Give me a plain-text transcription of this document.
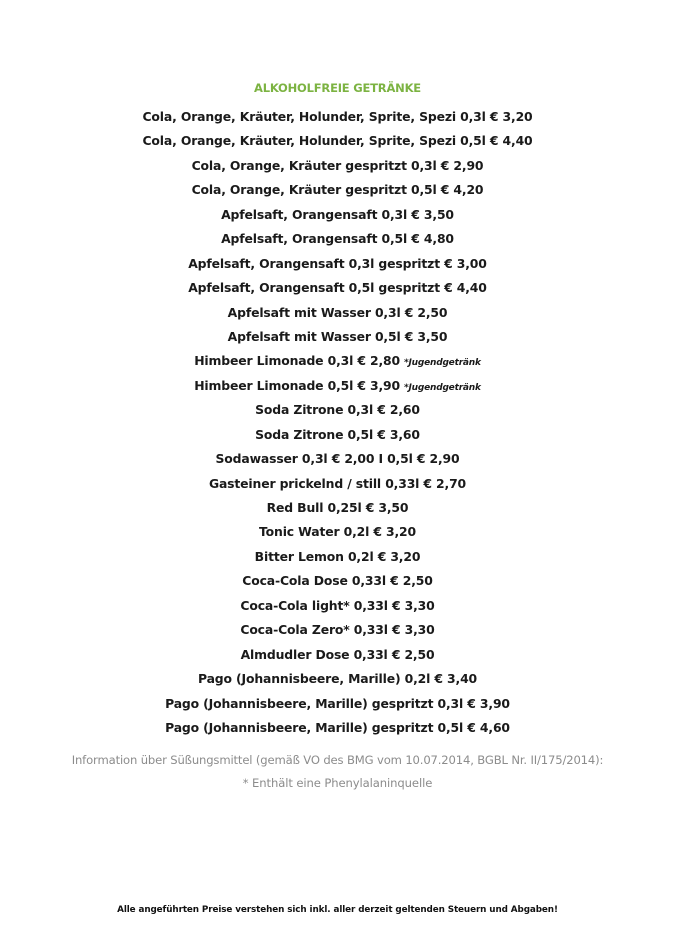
ALKOHOLFREIE GETRÄNKE
Cola, Orange, Kräuter, Holunder, Sprite, Spezi 0,3l € 3,20
Cola, Orange, Kräuter, Holunder, Sprite, Spezi 0,5l € 4,40
Cola, Orange, Kräuter gespritzt 0,3l € 2,90
Cola, Orange, Kräuter gespritzt 0,5l € 4,20
Apfelsaft, Orangensaft 0,3l € 3,50
Apfelsaft, Orangensaft 0,5l € 4,80
Apfelsaft, Orangensaft 0,3l gespritzt € 3,00
Apfelsaft, Orangensaft 0,5l gespritzt € 4,40
Apfelsaft mit Wasser 0,3l € 2,50
Apfelsaft mit Wasser 0,5l € 3,50
Himbeer Limonade 0,3l € 2,80 *Jugendgetränk
Himbeer Limonade 0,5l € 3,90 *Jugendgetränk
Soda Zitrone 0,3l € 2,60
Soda Zitrone 0,5l € 3,60
Sodawasser 0,3l € 2,00 I 0,5l € 2,90
Gasteiner prickelnd / still 0,33l € 2,70
Red Bull 0,25l € 3,50
Tonic Water 0,2l € 3,20
Bitter Lemon 0,2l € 3,20
Coca-Cola Dose 0,33l € 2,50
Coca-Cola light* 0,33l € 3,30
Coca-Cola Zero* 0,33l € 3,30
Almdudler Dose 0,33l € 2,50
Pago (Johannisbeere, Marille) 0,2l € 3,40
Pago (Johannisbeere, Marille) gespritzt 0,3l € 3,90
Pago (Johannisbeere, Marille) gespritzt 0,5l € 4,60
Information über Süßungsmittel (gemäß VO des BMG vom 10.07.2014, BGBL Nr. II/175/2014):
* Enthält eine Phenylalaninquelle
Alle angeführten Preise verstehen sich inkl. aller derzeit geltenden Steuern und Abgaben!
